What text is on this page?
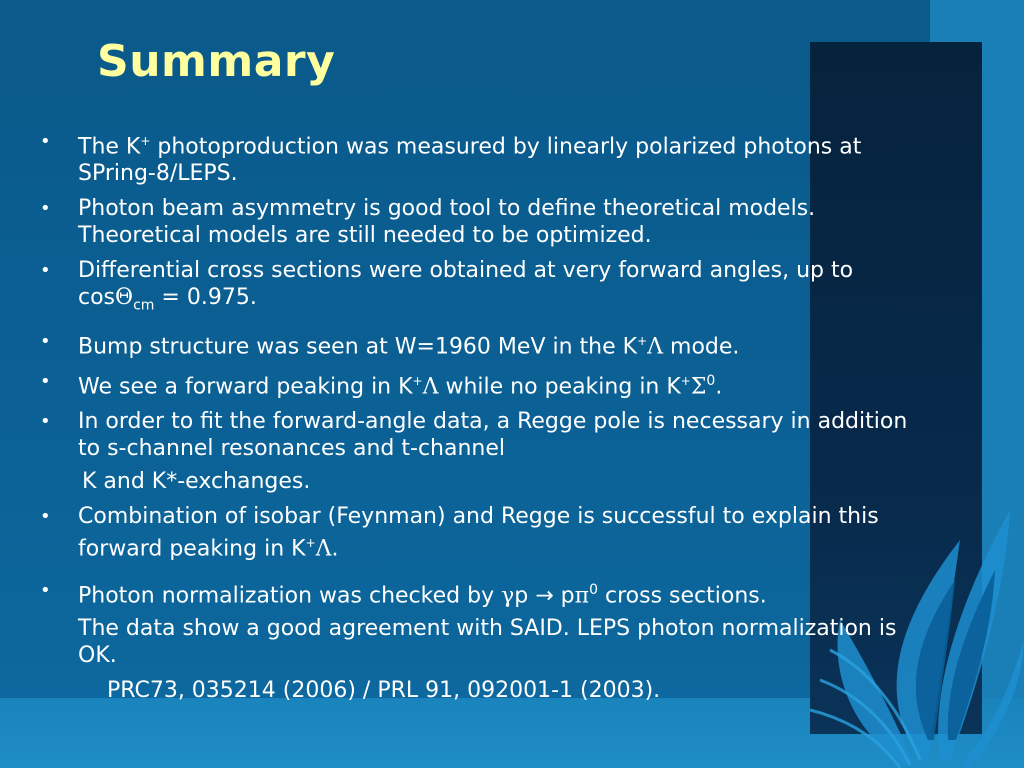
Summary
• The K+ photoproduction was measured by linearly polarized photons at SPring-8/LEPS.
• Photon beam asymmetry is good tool to define theoretical models. Theoretical models are still needed to be optimized.
• Differential cross sections were obtained at very forward angles, up to cosΘ$_{cm}$ = 0.975.
• Bump structure was seen at W=1960 MeV in the K+Λ mode.
• We see a forward peaking in K+Λ while no peaking in $K^+\Sigma^0$.
• In order to fit the forward-angle data, a Regge pole is necessary in addition to s-channel resonances and t-channel

K and K*-exchanges.

• Combination of isobar (Feynman) and Regge is successful to explain this forward peaking in K+Λ.
• Photon normalization was checked by $\gamma p \to p\pi^0$ cross sections.

The data show a good agreement with SAID. LEPS photon normalization is OK.

PRC73, 035214 (2006) / PRL 91, 092001-1 (2003).
